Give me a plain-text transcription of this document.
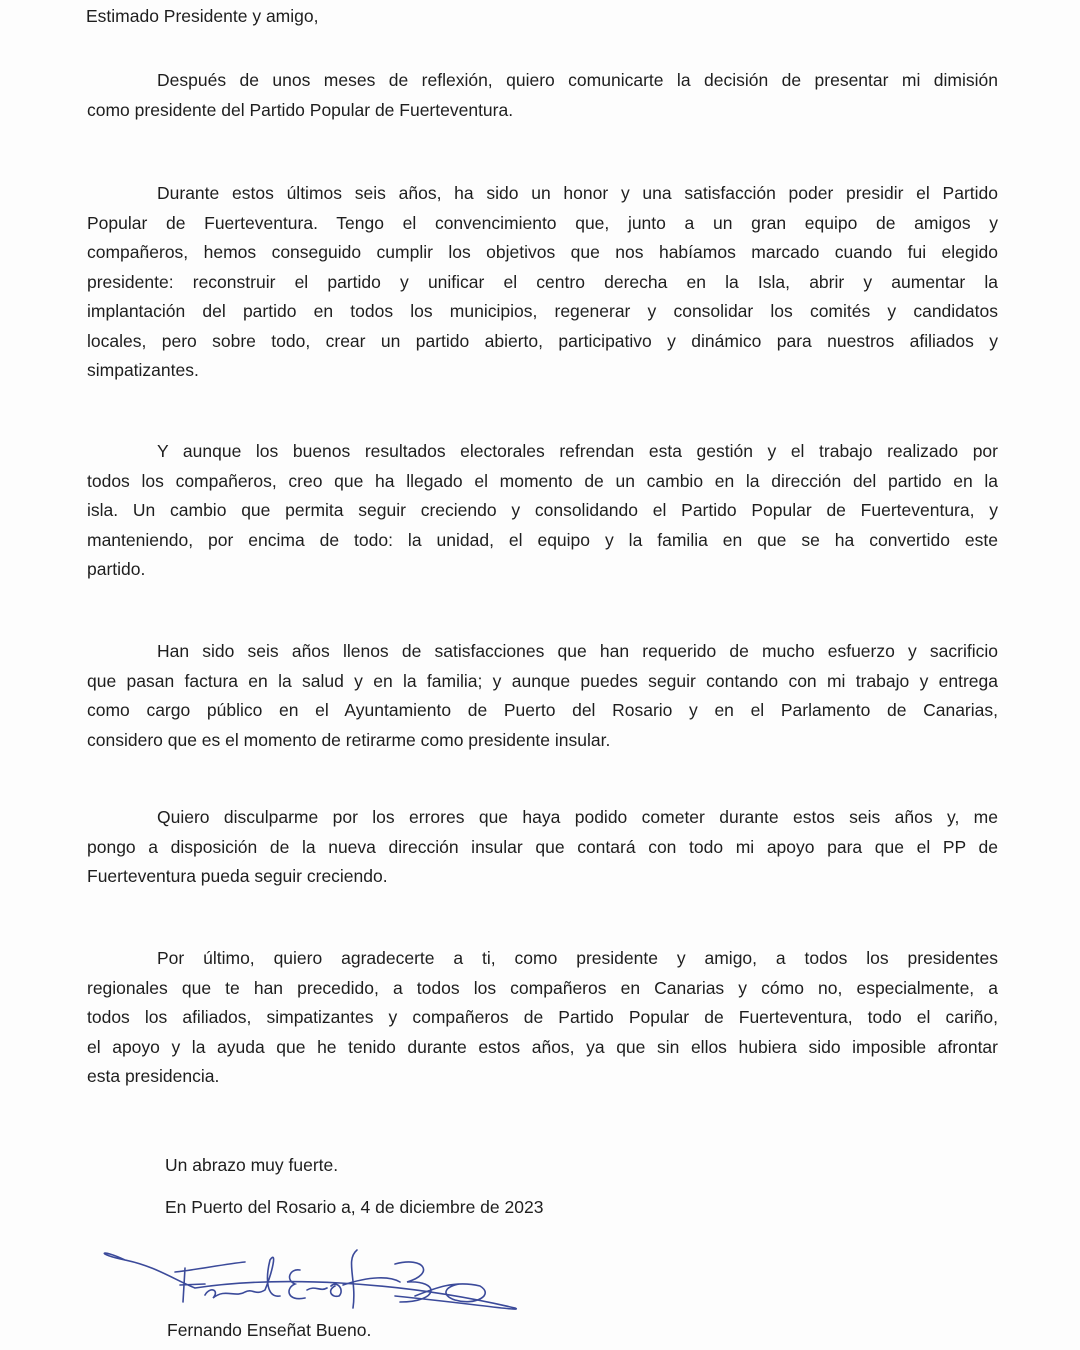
Estimado Presidente y amigo,
Después de unos meses de reflexión, quiero comunicarte la decisión de presentar mi dimisión
como presidente del Partido Popular de Fuerteventura.
Durante estos últimos seis años, ha sido un honor y una satisfacción poder presidir el Partido
Popular de Fuerteventura. Tengo el convencimiento que, junto a un gran equipo de amigos y
compañeros, hemos conseguido cumplir los objetivos que nos habíamos marcado cuando fui elegido
presidente: reconstruir el partido y unificar el centro derecha en la Isla, abrir y aumentar la
implantación del partido en todos los municipios, regenerar y consolidar los comités y candidatos
locales, pero sobre todo, crear un partido abierto, participativo y dinámico para nuestros afiliados y
simpatizantes.
Y aunque los buenos resultados electorales refrendan esta gestión y el trabajo realizado por
todos los compañeros, creo que ha llegado el momento de un cambio en la dirección del partido en la
isla. Un cambio que permita seguir creciendo y consolidando el Partido Popular de Fuerteventura, y
manteniendo, por encima de todo: la unidad, el equipo y la familia en que se ha convertido este
partido.
Han sido seis años llenos de satisfacciones que han requerido de mucho esfuerzo y sacrificio
que pasan factura en la salud y en la familia; y aunque puedes seguir contando con mi trabajo y entrega
como cargo público en el Ayuntamiento de Puerto del Rosario y en el Parlamento de Canarias,
considero que es el momento de retirarme como presidente insular.
Quiero disculparme por los errores que haya podido cometer durante estos seis años y, me
pongo a disposición de la nueva dirección insular que contará con todo mi apoyo para que el PP de
Fuerteventura pueda seguir creciendo.
Por último, quiero agradecerte a ti, como presidente y amigo, a todos los presidentes
regionales que te han precedido, a todos los compañeros en Canarias y cómo no, especialmente, a
todos los afiliados, simpatizantes y compañeros de Partido Popular de Fuerteventura, todo el cariño,
el apoyo y la ayuda que he tenido durante estos años, ya que sin ellos hubiera sido imposible afrontar
esta presidencia.
Un abrazo muy fuerte.
En Puerto del Rosario a, 4 de diciembre de 2023
Fernando Enseñat Bueno.
